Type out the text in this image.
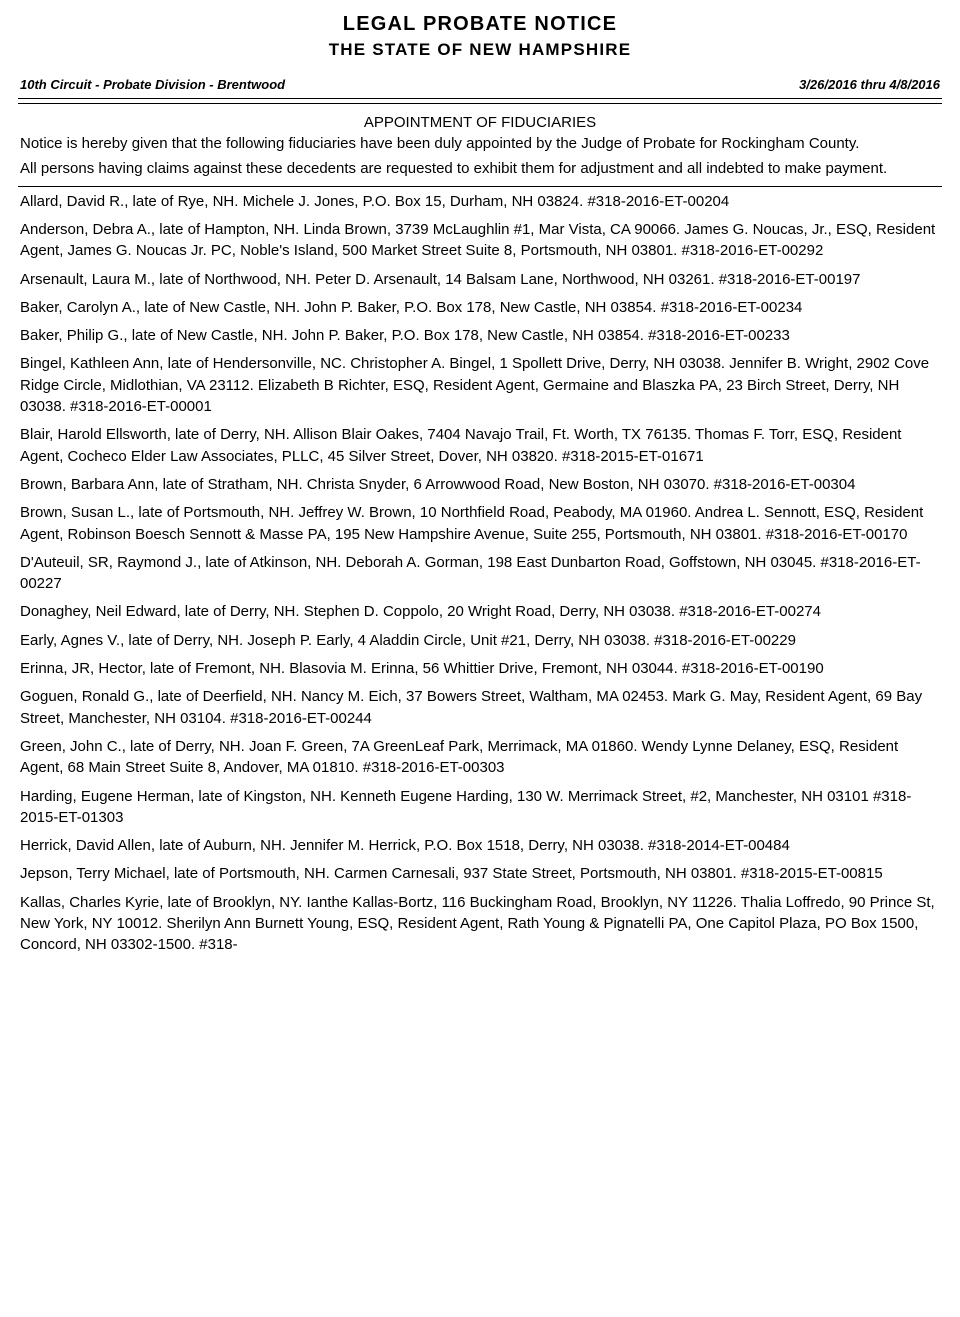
LEGAL PROBATE NOTICE
THE STATE OF NEW HAMPSHIRE
10th Circuit - Probate Division - Brentwood	3/26/2016 thru 4/8/2016
APPOINTMENT OF FIDUCIARIES

Notice is hereby given that the following fiduciaries have been duly appointed by the Judge of Probate for Rockingham County.

All persons having claims against these decedents are requested to exhibit them for adjustment and all indebted to make payment.

Allard, David R., late of Rye, NH. Michele J. Jones, P.O. Box 15, Durham, NH 03824. #318-2016-ET-00204

Anderson, Debra A., late of Hampton, NH. Linda Brown, 3739 McLaughlin #1, Mar Vista, CA 90066. James G. Noucas, Jr., ESQ, Resident Agent, James G. Noucas Jr. PC, Noble's Island, 500 Market Street Suite 8, Portsmouth, NH 03801. #318-2016-ET-00292

Arsenault, Laura M., late of Northwood, NH. Peter D. Arsenault, 14 Balsam Lane, Northwood, NH 03261. #318-2016-ET-00197

Baker, Carolyn A., late of New Castle, NH. John P. Baker, P.O. Box 178, New Castle, NH 03854. #318-2016-ET-00234

Baker, Philip G., late of New Castle, NH. John P. Baker, P.O. Box 178, New Castle, NH 03854. #318-2016-ET-00233

Bingel, Kathleen Ann, late of Hendersonville, NC. Christopher A. Bingel, 1 Spollett Drive, Derry, NH 03038. Jennifer B. Wright, 2902 Cove Ridge Circle, Midlothian, VA 23112. Elizabeth B Richter, ESQ, Resident Agent, Germaine and Blaszka PA, 23 Birch Street, Derry, NH 03038. #318-2016-ET-00001

Blair, Harold Ellsworth, late of Derry, NH. Allison Blair Oakes, 7404 Navajo Trail, Ft. Worth, TX 76135. Thomas F. Torr, ESQ, Resident Agent, Cocheco Elder Law Associates, PLLC, 45 Silver Street, Dover, NH 03820. #318-2015-ET-01671

Brown, Barbara Ann, late of Stratham, NH. Christa Snyder, 6 Arrowwood Road, New Boston, NH 03070. #318-2016-ET-00304

Brown, Susan L., late of Portsmouth, NH. Jeffrey W. Brown, 10 Northfield Road, Peabody, MA 01960. Andrea L. Sennott, ESQ, Resident Agent, Robinson Boesch Sennott & Masse PA, 195 New Hampshire Avenue, Suite 255, Portsmouth, NH 03801. #318-2016-ET-00170

D'Auteuil, SR, Raymond J., late of Atkinson, NH. Deborah A. Gorman, 198 East Dunbarton Road, Goffstown, NH 03045. #318-2016-ET-00227

Donaghey, Neil Edward, late of Derry, NH. Stephen D. Coppolo, 20 Wright Road, Derry, NH 03038. #318-2016-ET-00274

Early, Agnes V., late of Derry, NH. Joseph P. Early, 4 Aladdin Circle, Unit #21, Derry, NH 03038. #318-2016-ET-00229

Erinna, JR, Hector, late of Fremont, NH. Blasovia M. Erinna, 56 Whittier Drive, Fremont, NH 03044. #318-2016-ET-00190

Goguen, Ronald G., late of Deerfield, NH. Nancy M. Eich, 37 Bowers Street, Waltham, MA 02453. Mark G. May, Resident Agent, 69 Bay Street, Manchester, NH 03104. #318-2016-ET-00244

Green, John C., late of Derry, NH. Joan F. Green, 7A GreenLeaf Park, Merrimack, MA 01860. Wendy Lynne Delaney, ESQ, Resident Agent, 68 Main Street Suite 8, Andover, MA 01810. #318-2016-ET-00303

Harding, Eugene Herman, late of Kingston, NH. Kenneth Eugene Harding, 130 W. Merrimack Street, #2, Manchester, NH 03101 #318-2015-ET-01303

Herrick, David Allen, late of Auburn, NH. Jennifer M. Herrick, P.O. Box 1518, Derry, NH 03038. #318-2014-ET-00484

Jepson, Terry Michael, late of Portsmouth, NH. Carmen Carnesali, 937 State Street, Portsmouth, NH 03801. #318-2015-ET-00815

Kallas, Charles Kyrie, late of Brooklyn, NY. Ianthe Kallas-Bortz, 116 Buckingham Road, Brooklyn, NY 11226. Thalia Loffredo, 90 Prince St, New York, NY 10012. Sherilyn Ann Burnett Young, ESQ, Resident Agent, Rath Young & Pignatelli PA, One Capitol Plaza, PO Box 1500, Concord, NH 03302-1500. #318-
